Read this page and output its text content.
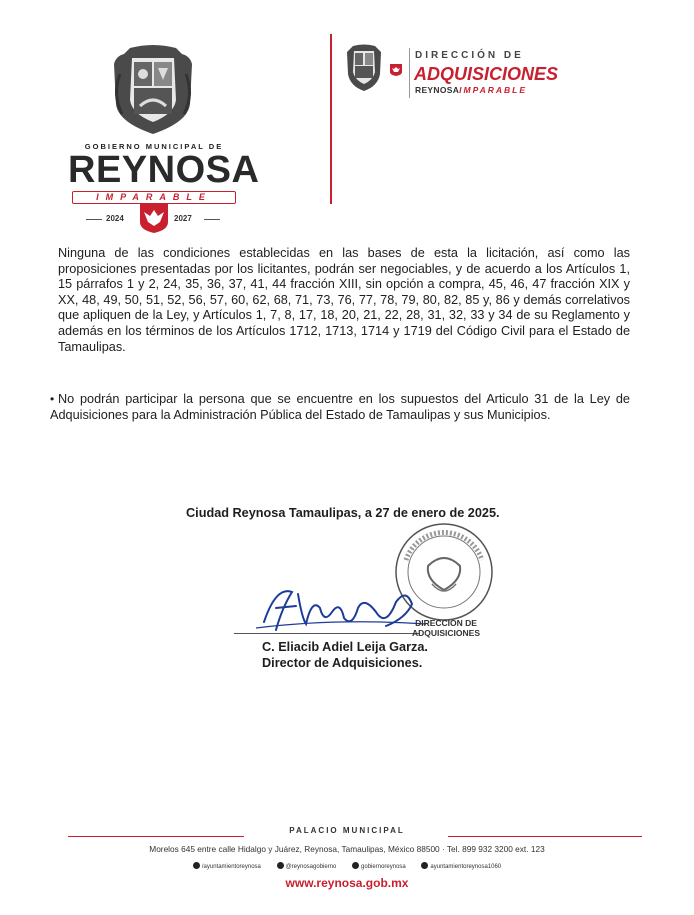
GOBIERNO MUNICIPAL DE
REYNOSA
IMPARABLE
2024	2027
DIRECCIÓN DE
ADQUISICIONES
REYNOSAIMPARABLE
Ninguna de las condiciones establecidas en las bases de esta la licitación, así como las proposiciones presentadas por los licitantes, podrán ser negociables, y de acuerdo a los Artículos 1, 15 párrafos 1 y 2, 24, 35, 36, 37, 41, 44 fracción XIII, sin opción a compra, 45, 46, 47 fracción XIX y XX, 48, 49, 50, 51, 52, 56, 57, 60, 62, 68, 71, 73, 76, 77, 78, 79, 80, 82, 85 y, 86 y demás correlativos que apliquen de la Ley, y Artículos 1, 7, 8, 17, 18, 20, 21, 22, 28, 31, 32, 33 y 34 de su Reglamento y además en los términos de los Artículos 1712, 1713, 1714 y 1719 del Código Civil para el Estado de Tamaulipas.
• No podrán participar la persona que se encuentre en los supuestos del Articulo 31 de la Ley de Adquisiciones para la Administración Pública del Estado de Tamaulipas y sus Municipios.
Ciudad Reynosa Tamaulipas, a 27 de enero de 2025.
DIRECCION DE
ADQUISICIONES
C. Eliacib Adiel Leija Garza.
Director de Adquisiciones.
PALACIO MUNICIPAL
Morelos 645 entre calle Hidalgo y Juárez, Reynosa, Tamaulipas, México 88500 · Tel. 899 932 3200 ext. 123
/ayuntamientoreynosa	@reynosagobierno	gobiernoreynosa	ayuntamientoreynosa1060
www.reynosa.gob.mx
